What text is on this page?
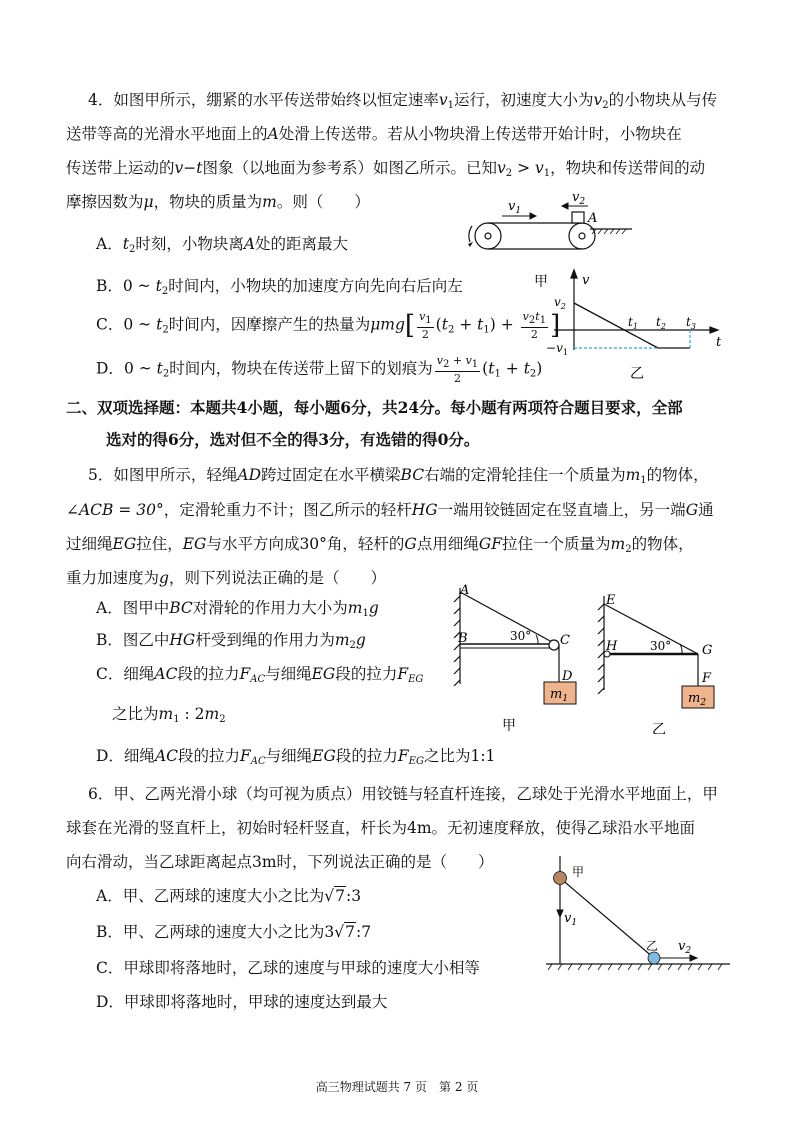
4．如图甲所示，绷紧的水平传送带始终以恒定速率$v_1$运行，初速度大小为$v_2$的小物块从与传
送带等高的光滑水平地面上的A处滑上传送带。若从小物块滑上传送带开始计时，小物块在
传送带上运动的v−t图象（以地面为参考系）如图乙所示。已知$v_2 > v_1$，物块和传送带间的动
摩擦因数为μ，物块的质量为m。则（　　）
A．$t_2$时刻，小物块离A处的距离最大
B．0 ~ $t_2$时间内，小物块的加速度方向先向右后向左
C．0 ~ $t_2$时间内，因摩擦产生的热量为$\mu mg[ \frac{v_1}{2} (t_2 + t_1) + \frac{v_2t_1}{2}$ ]
D．0 ~ $t_2$时间内，物块在传送带上留下的划痕为 $\frac{v_2 + v_1}{2} (t_1 + t_2)$
$v_1$
$v_2$
A
甲	v
t
$v_2$
$-v_1$
$t_1$ $t_2$ $t_3$
乙
二、双项选择题：本题共4小题，每小题6分，共24分。每小题有两项符合题目要求，全部
选对的得6分，选对但不全的得3分，有选错的得0分。
5．如图甲所示，轻绳AD跨过固定在水平横梁BC右端的定滑轮挂住一个质量为$m_1$的物体，
∠ACB = 30°，定滑轮重力不计；图乙所示的轻杆HG一端用铰链固定在竖直墙上，另一端G通
过细绳EG拉住，EG与水平方向成30°角，轻杆的G点用细绳GF拉住一个质量为$m_2$的物体，
重力加速度为g，则下列说法正确的是（　　）
A．图甲中BC对滑轮的作用力大小为$m_1g$
B．图乙中HG杆受到绳的作用力为$m_2g$
C．细绳AC段的拉力$F_{AC}$与细绳EG段的拉力$F_{EG}$
之比为$m_1$ : $2m_2$
D．细绳AC段的拉力$F_{AC}$与细绳EG段的拉力$F_{EG}$之比为1:1
$m_1$
30°
A
B	C
D
甲
$m_2$
30°
E
H	G
F
乙
6．甲、乙两光滑小球（均可视为质点）用铰链与轻直杆连接，乙球处于光滑水平地面上，甲
球套在光滑的竖直杆上，初始时轻杆竖直，杆长为4m。无初速度释放，使得乙球沿水平地面
向右滑动，当乙球距离起点3m时，下列说法正确的是（　　）
A．甲、乙两球的速度大小之比为√7:3
B．甲、乙两球的速度大小之比为3√7:7
C．甲球即将落地时，乙球的速度与甲球的速度大小相等
D．甲球即将落地时，甲球的速度达到最大
甲
乙
$v_1$
$v_2$
高三物理试题共 7 页　第 2 页
